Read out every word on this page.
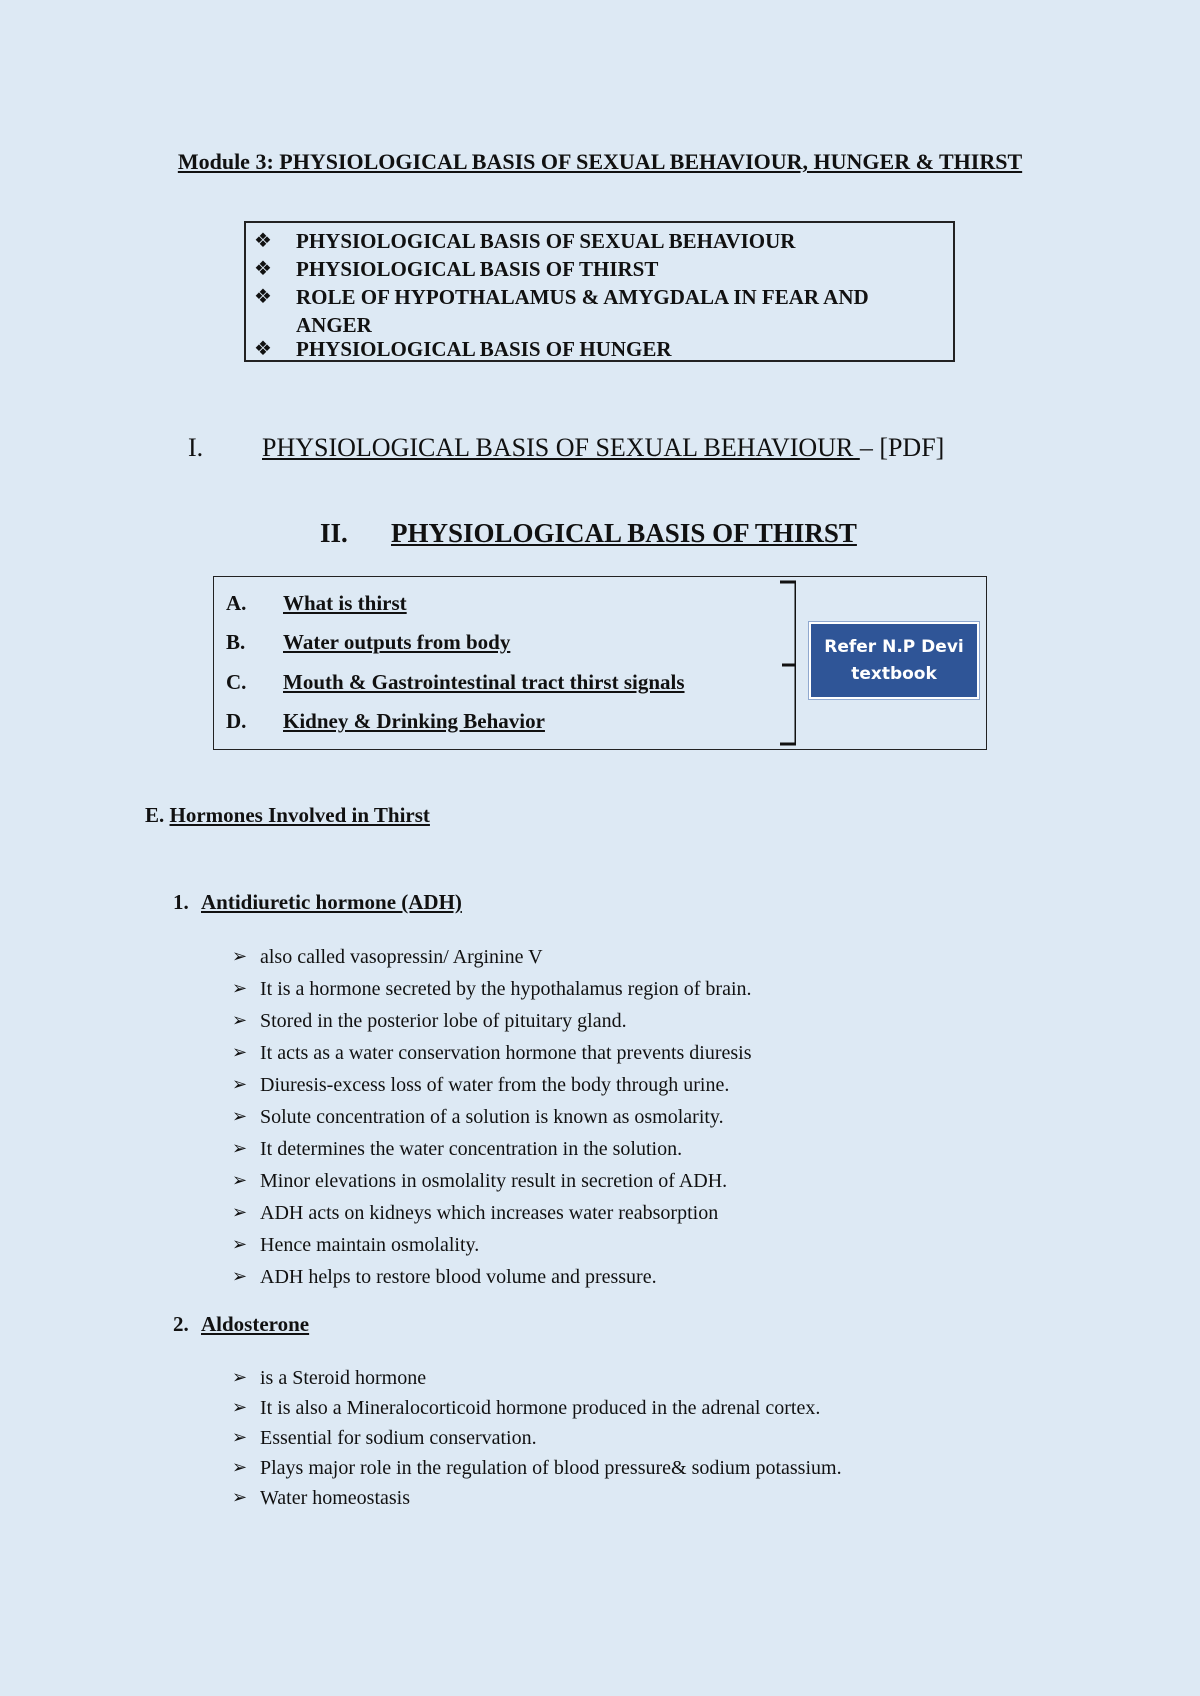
Module 3: PHYSIOLOGICAL BASIS OF SEXUAL BEHAVIOUR, HUNGER & THIRST
❖ PHYSIOLOGICAL BASIS OF SEXUAL BEHAVIOUR
❖ PHYSIOLOGICAL BASIS OF THIRST
❖ ROLE OF HYPOTHALAMUS & AMYGDALA IN FEAR AND ANGER
❖ PHYSIOLOGICAL BASIS OF HUNGER
I. PHYSIOLOGICAL BASIS OF SEXUAL BEHAVIOUR – [PDF]
II. PHYSIOLOGICAL BASIS OF THIRST
A.	What is thirst
B.	Water outputs from body
C.	Mouth & Gastrointestinal tract thirst signals
D.	Kidney & Drinking Behavior
Refer N.P Devi
textbook
E. Hormones Involved in Thirst
1. Antidiuretic hormone (ADH)
➢ also called vasopressin/ Arginine V
➢ It is a hormone secreted by the hypothalamus region of brain.
➢ Stored in the posterior lobe of pituitary gland.
➢ It acts as a water conservation hormone that prevents diuresis
➢ Diuresis-excess loss of water from the body through urine.
➢ Solute concentration of a solution is known as osmolarity.
➢ It determines the water concentration in the solution.
➢ Minor elevations in osmolality result in secretion of ADH.
➢ ADH acts on kidneys which increases water reabsorption
➢ Hence maintain osmolality.
➢ ADH helps to restore blood volume and pressure.
2. Aldosterone
➢ is a Steroid hormone
➢ It is also a Mineralocorticoid hormone produced in the adrenal cortex.
➢ Essential for sodium conservation.
➢ Plays major role in the regulation of blood pressure& sodium potassium.
➢ Water homeostasis
